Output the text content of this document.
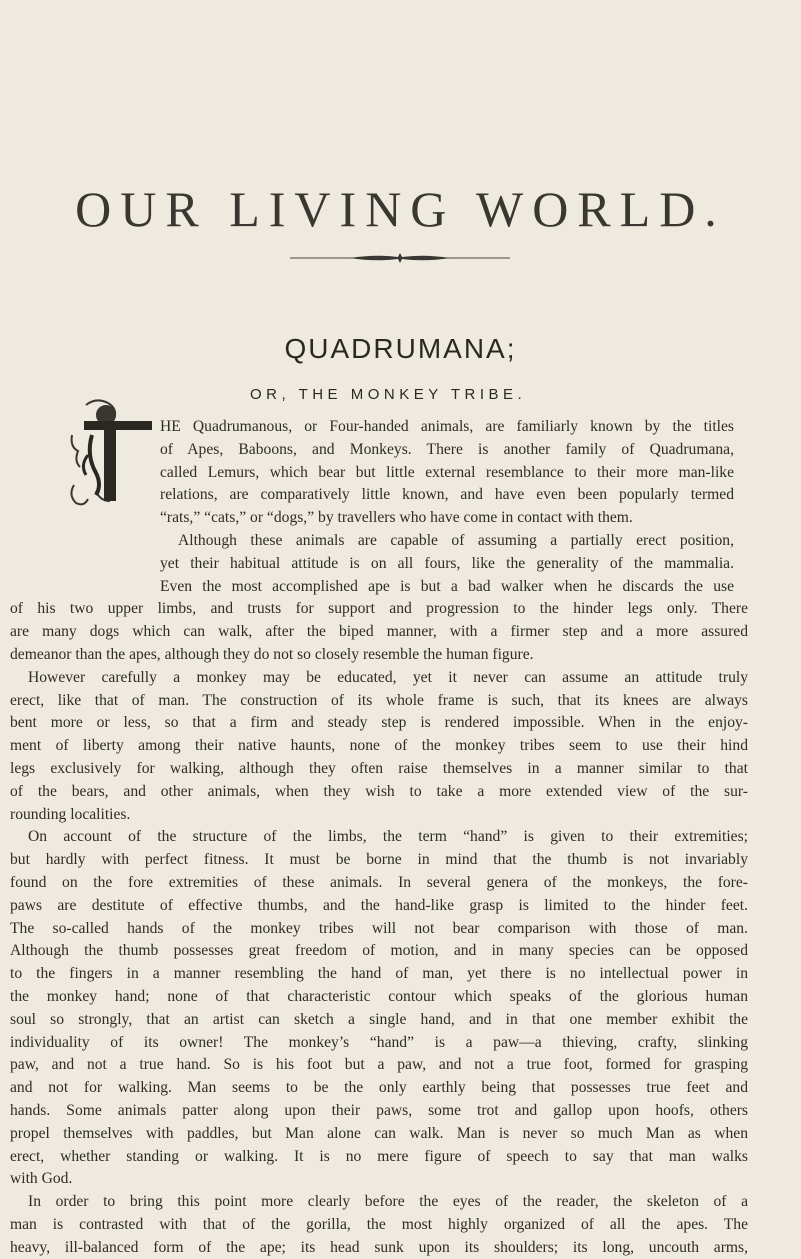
OUR LIVING WORLD.
QUADRUMANA;
OR, THE MONKEY TRIBE.
HE Quadrumanous, or Four-handed animals, are familiarly known by the titles
of Apes, Baboons, and Monkeys. There is another family of Quadrumana,
called Lemurs, which bear but little external resemblance to their more man-like
relations, are comparatively little known, and have even been popularly termed
“rats,” “cats,” or “dogs,” by travellers who have come in contact with them.
Although these animals are capable of assuming a partially erect position,
yet their habitual attitude is on all fours, like the generality of the mammalia.
Even the most accomplished ape is but a bad walker when he discards the use
of his two upper limbs, and trusts for support and progression to the hinder legs only. There
are many dogs which can walk, after the biped manner, with a firmer step and a more assured
demeanor than the apes, although they do not so closely resemble the human figure.
However carefully a monkey may be educated, yet it never can assume an attitude truly
erect, like that of man. The construction of its whole frame is such, that its knees are always
bent more or less, so that a firm and steady step is rendered impossible. When in the enjoy-
ment of liberty among their native haunts, none of the monkey tribes seem to use their hind
legs exclusively for walking, although they often raise themselves in a manner similar to that
of the bears, and other animals, when they wish to take a more extended view of the sur-
rounding localities.
On account of the structure of the limbs, the term “hand” is given to their extremities;
but hardly with perfect fitness. It must be borne in mind that the thumb is not invariably
found on the fore extremities of these animals. In several genera of the monkeys, the fore-
paws are destitute of effective thumbs, and the hand-like grasp is limited to the hinder feet.
The so-called hands of the monkey tribes will not bear comparison with those of man.
Although the thumb possesses great freedom of motion, and in many species can be opposed
to the fingers in a manner resembling the hand of man, yet there is no intellectual power in
the monkey hand; none of that characteristic contour which speaks of the glorious human
soul so strongly, that an artist can sketch a single hand, and in that one member exhibit the
individuality of its owner! The monkey’s “hand” is a paw—a thieving, crafty, slinking
paw, and not a true hand. So is his foot but a paw, and not a true foot, formed for grasping
and not for walking. Man seems to be the only earthly being that possesses true feet and
hands. Some animals patter along upon their paws, some trot and gallop upon hoofs, others
propel themselves with paddles, but Man alone can walk. Man is never so much Man as when
erect, whether standing or walking. It is no mere figure of speech to say that man walks
with God.
In order to bring this point more clearly before the eyes of the reader, the skeleton of a
man is contrasted with that of the gorilla, the most highly organized of all the apes. The
heavy, ill-balanced form of the ape; its head sunk upon its shoulders; its long, uncouth arms,
